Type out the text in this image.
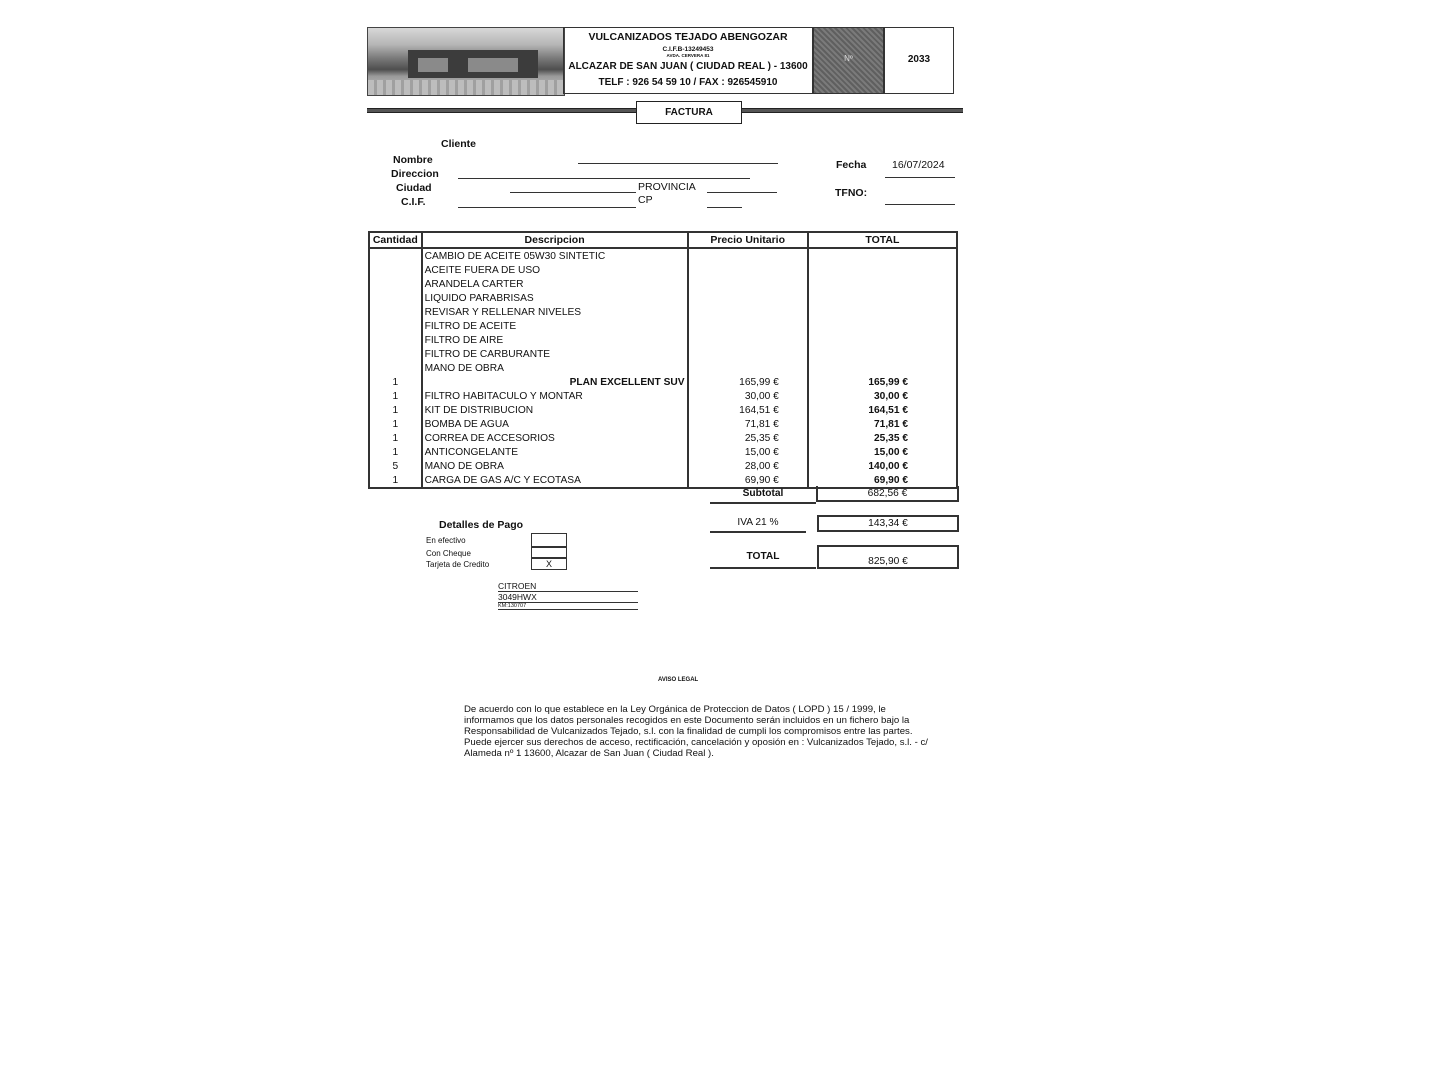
VULCANIZADOS TEJADO ABENGOZAR
C.I.F.B-13249453
AVDA. CERVERA 81
ALCAZAR DE SAN JUAN ( CIUDAD REAL ) - 13600
TELF : 926 54 59 10 / FAX : 926545910
Nº	2033
FACTURA
Cliente
Nombre
Direccion
Ciudad
C.I.F.
PROVINCIA
CP
Fecha 16/07/2024
TFNO:
Cantidad	Descripcion	Precio Unitario	TOTAL
	CAMBIO DE ACEITE 05W30 SINTETIC		
	ACEITE FUERA DE USO		
	ARANDELA CARTER		
	LIQUIDO PARABRISAS		
	REVISAR Y RELLENAR NIVELES		
	FILTRO DE ACEITE		
	FILTRO DE AIRE		
	FILTRO DE CARBURANTE		
	MANO DE OBRA		
1	PLAN EXCELLENT SUV	165,99 €	165,99 €
1	FILTRO HABITACULO Y MONTAR	30,00 €	30,00 €
1	KIT DE DISTRIBUCION	164,51 €	164,51 €
1	BOMBA DE AGUA	71,81 €	71,81 €
1	CORREA DE ACCESORIOS	25,35 €	25,35 €
1	ANTICONGELANTE	15,00 €	15,00 €
5	MANO DE OBRA	28,00 €	140,00 €
1	CARGA DE GAS A/C Y ECOTASA	69,90 €	69,90 €
Subtotal	682,56 €
IVA 21 %	143,34 €
TOTAL	825,90 €
Detalles de Pago
En efectivo
Con Cheque
Tarjeta de Credito	X
CITROEN
3049HWX
KM:130707
AVISO LEGAL
De acuerdo con lo que establece en la Ley Orgánica de Proteccion de Datos ( LOPD ) 15 / 1999, le informamos que los datos personales recogidos en este Documento serán incluidos en un fichero bajo la Responsabilidad de Vulcanizados Tejado, s.l. con la finalidad de cumpli los compromisos entre las partes. Puede ejercer sus derechos de acceso, rectificación, cancelación y oposión en : Vulcanizados Tejado, s.l. - c/ Alameda nº 1 13600, Alcazar de San Juan ( Ciudad Real ).
